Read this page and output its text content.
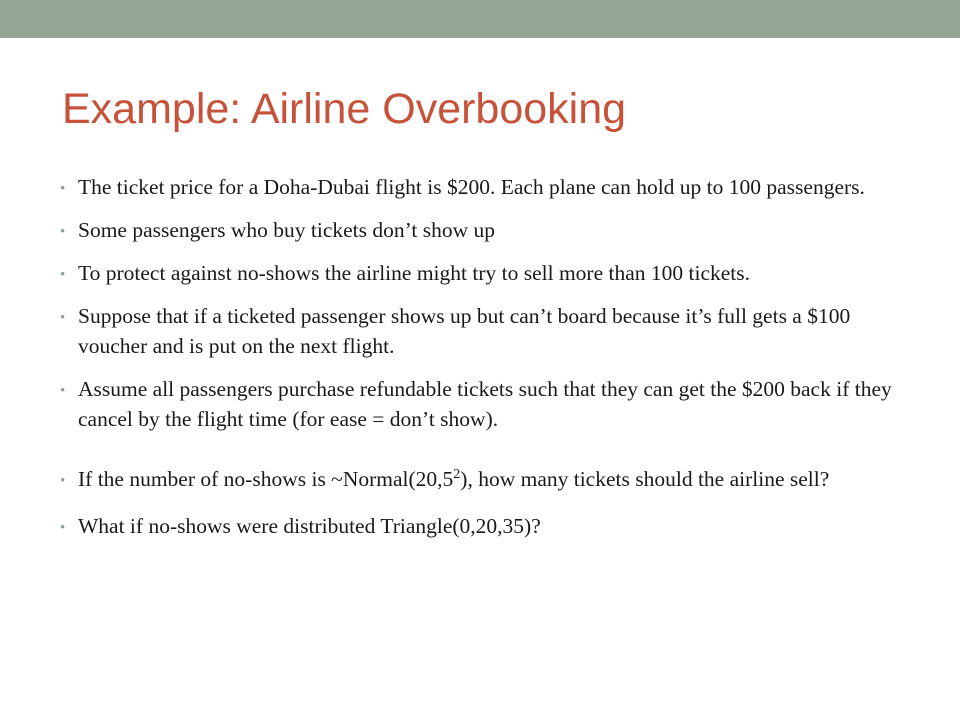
Example: Airline Overbooking
• The ticket price for a Doha-Dubai flight is $200. Each plane can hold up to 100 passengers.
• Some passengers who buy tickets don’t show up
• To protect against no-shows the airline might try to sell more than 100 tickets.
• Suppose that if a ticketed passenger shows up but can’t board because it’s full gets a $100 voucher and is put on the next flight.
• Assume all passengers purchase refundable tickets such that they can get the $200 back if they cancel by the flight time (for ease = don’t show).
• If the number of no-shows is ~Normal(20,5$^2$), how many tickets should the airline sell?
• What if no-shows were distributed Triangle(0,20,35)?
